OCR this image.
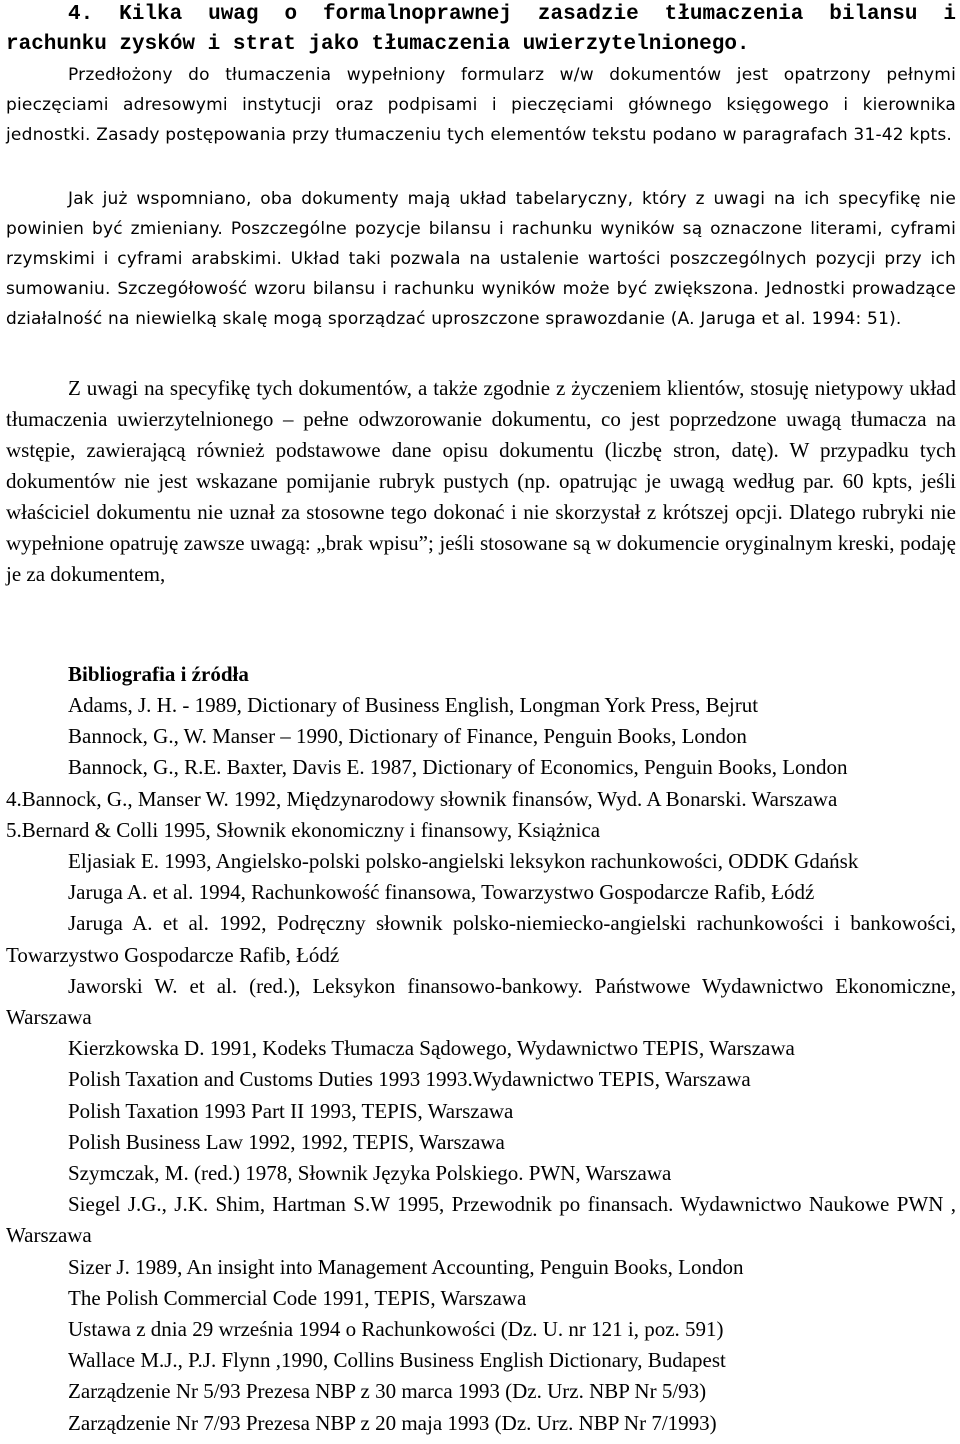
4. Kilka uwag o formalnoprawnej zasadzie tłumaczenia bilansu i rachunku zysków i strat jako tłumaczenia uwierzytelnionego.
Przedłożony do tłumaczenia wypełniony formularz w/w dokumentów jest opatrzony pełnymi pieczęciami adresowymi instytucji oraz podpisami i pieczęciami głównego księgowego i kierownika jednostki. Zasady postępowania przy tłumaczeniu tych elementów tekstu podano w paragrafach 31-42 kpts.
Jak już wspomniano, oba dokumenty mają układ tabelaryczny, który z uwagi na ich specyfikę nie powinien być zmieniany. Poszczególne pozycje bilansu i rachunku wyników są oznaczone literami, cyframi rzymskimi i cyframi arabskimi. Układ taki pozwala na ustalenie wartości poszczególnych pozycji przy ich sumowaniu. Szczegółowość wzoru bilansu i rachunku wyników może być zwiększona. Jednostki prowadzące działalność na niewielką skalę mogą sporządzać uproszczone sprawozdanie (A. Jaruga et al. 1994: 51).
Z uwagi na specyfikę tych dokumentów, a także zgodnie z życzeniem klientów, stosuję nietypowy układ tłumaczenia uwierzytelnionego – pełne odwzorowanie dokumentu, co jest poprzedzone uwagą tłumacza na wstępie, zawierającą również podstawowe dane opisu dokumentu (liczbę stron, datę). W przypadku tych dokumentów nie jest wskazane pomijanie rubryk pustych (np. opatrując je uwagą według par. 60 kpts, jeśli właściciel dokumentu nie uznał za stosowne tego dokonać i nie skorzystał z krótszej opcji. Dlatego rubryki nie wypełnione opatruję zawsze uwagą: „brak wpisu”; jeśli stosowane są w dokumencie oryginalnym kreski, podaję je za dokumentem,
Bibliografia i źródła
Adams, J. H. - 1989, Dictionary of Business English, Longman York Press, Bejrut
Bannock, G., W. Manser – 1990, Dictionary of Finance, Penguin Books, London
Bannock, G., R.E. Baxter, Davis E. 1987, Dictionary of Economics, Penguin Books, London
4.Bannock, G., Manser W. 1992, Międzynarodowy słownik finansów, Wyd. A Bonarski. Warszawa
5.Bernard & Colli 1995, Słownik ekonomiczny i finansowy, Książnica
Eljasiak E. 1993, Angielsko-polski polsko-angielski leksykon rachunkowości, ODDK Gdańsk
Jaruga A. et al. 1994, Rachunkowość finansowa, Towarzystwo Gospodarcze Rafib, Łódź
Jaruga A. et al. 1992, Podręczny słownik polsko-niemiecko-angielski rachunkowości i bankowości, Towarzystwo Gospodarcze Rafib, Łódź
Jaworski W. et al. (red.), Leksykon finansowo-bankowy. Państwowe Wydawnictwo Ekonomiczne, Warszawa
Kierzkowska D. 1991, Kodeks Tłumacza Sądowego, Wydawnictwo TEPIS, Warszawa
Polish Taxation and Customs Duties 1993 1993.Wydawnictwo TEPIS, Warszawa
Polish Taxation 1993 Part II 1993, TEPIS, Warszawa
Polish Business Law 1992, 1992, TEPIS, Warszawa
Szymczak, M. (red.) 1978, Słownik Języka Polskiego. PWN, Warszawa
Siegel J.G., J.K. Shim, Hartman S.W 1995, Przewodnik po finansach. Wydawnictwo Naukowe PWN , Warszawa
Sizer J. 1989, An insight into Management Accounting, Penguin Books, London
The Polish Commercial Code 1991, TEPIS, Warszawa
Ustawa z dnia 29 września 1994 o Rachunkowości (Dz. U. nr 121 i, poz. 591)
Wallace M.J., P.J. Flynn ,1990, Collins Business English Dictionary, Budapest
Zarządzenie Nr 5/93 Prezesa NBP z 30 marca 1993 (Dz. Urz. NBP Nr 5/93)
Zarządzenie Nr 7/93 Prezesa NBP z 20 maja 1993 (Dz. Urz. NBP Nr 7/1993)
